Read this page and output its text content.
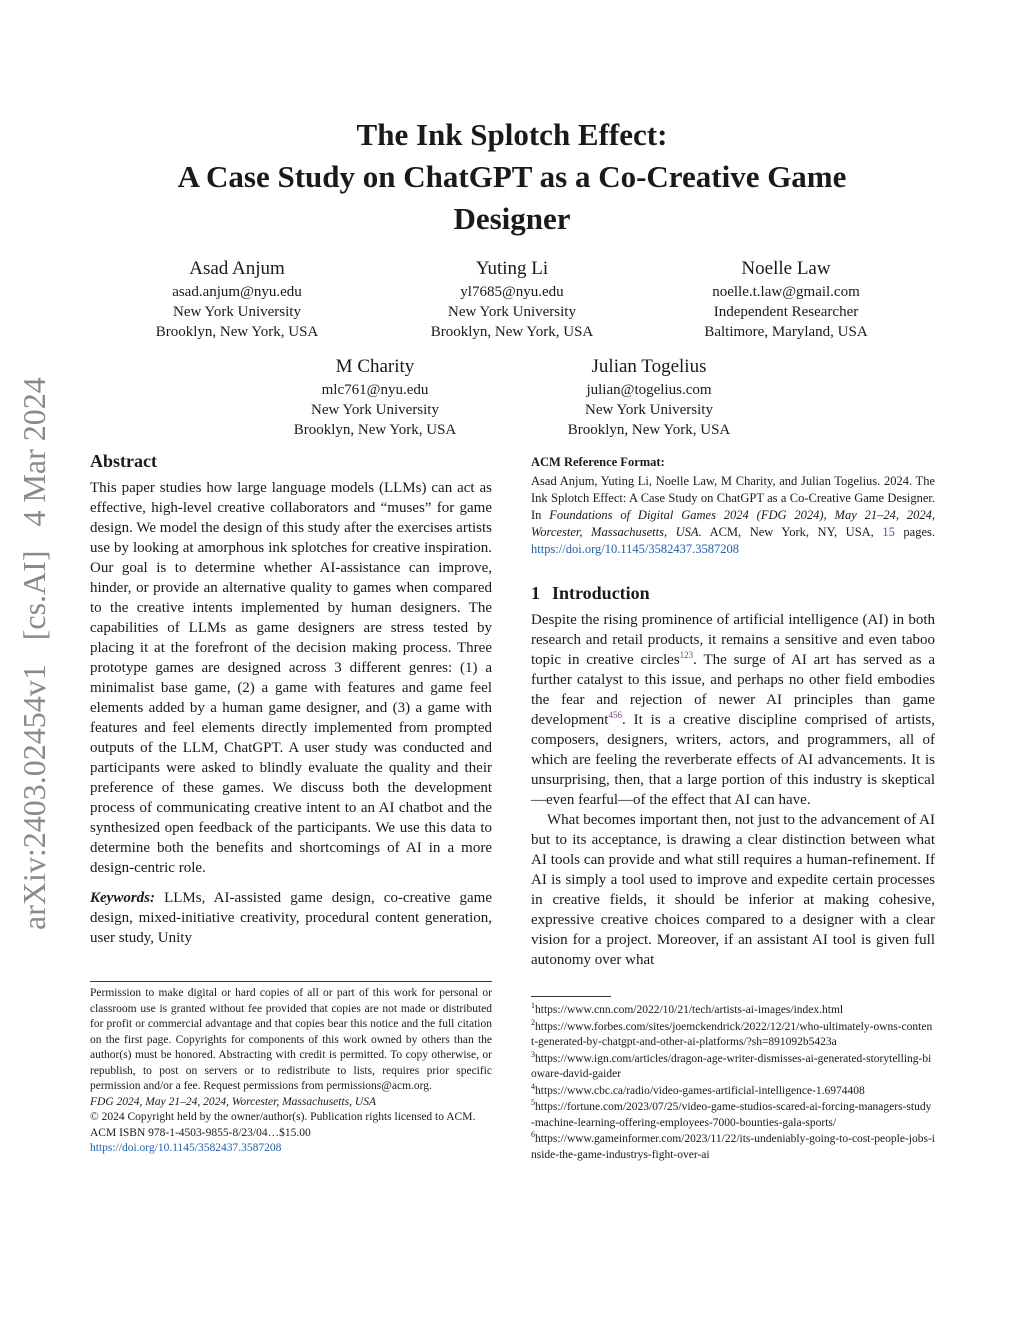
arXiv:2403.02454v1 [cs.AI] 4 Mar 2024
The Ink Splotch Effect:
A Case Study on ChatGPT as a Co-Creative Game
Designer
Asad Anjum
asad.anjum@nyu.edu
New York University
Brooklyn, New York, USA
Yuting Li
yl7685@nyu.edu
New York University
Brooklyn, New York, USA
Noelle Law
noelle.t.law@gmail.com
Independent Researcher
Baltimore, Maryland, USA
M Charity
mlc761@nyu.edu
New York University
Brooklyn, New York, USA
Julian Togelius
julian@togelius.com
New York University
Brooklyn, New York, USA
Abstract

This paper studies how large language models (LLMs) can act as effective, high-level creative collaborators and “muses” for game design. We model the design of this study after the exercises artists use by looking at amorphous ink splotches for creative inspiration. Our goal is to determine whether AI-assistance can improve, hinder, or provide an alternative quality to games when compared to the creative intents implemented by human designers. The capabilities of LLMs as game designers are stress tested by placing it at the forefront of the decision making process. Three prototype games are designed across 3 different genres: (1) a minimalist base game, (2) a game with features and game feel elements added by a human game designer, and (3) a game with features and feel elements directly implemented from prompted outputs of the LLM, ChatGPT. A user study was conducted and participants were asked to blindly evaluate the quality and their preference of these games. We discuss both the development process of communicating creative intent to an AI chatbot and the synthesized open feedback of the participants. We use this data to determine both the benefits and shortcomings of AI in a more design-centric role.

Keywords: LLMs, AI-assisted game design, co-creative game design, mixed-initiative creativity, procedural content generation, user study, Unity

Permission to make digital or hard copies of all or part of this work for personal or classroom use is granted without fee provided that copies are not made or distributed for profit or commercial advantage and that copies bear this notice and the full citation on the first page. Copyrights for components of this work owned by others than the author(s) must be honored. Abstracting with credit is permitted. To copy otherwise, or republish, to post on servers or to redistribute to lists, requires prior specific permission and/or a fee. Request permissions from permissions@acm.org.

FDG 2024, May 21–24, 2024, Worcester, Massachusetts, USA

© 2024 Copyright held by the owner/author(s). Publication rights licensed to ACM.

ACM ISBN 978-1-4503-9855-8/23/04…$15.00

https://doi.org/10.1145/3582437.3587208

ACM Reference Format:

Asad Anjum, Yuting Li, Noelle Law, M Charity, and Julian Togelius. 2024. The Ink Splotch Effect: A Case Study on ChatGPT as a Co-Creative Game Designer. In Foundations of Digital Games 2024 (FDG 2024), May 21–24, 2024, Worcester, Massachusetts, USA. ACM, New York, NY, USA, 15 pages. https://doi.org/10.1145/3582437.3587208

1 Introduction

Despite the rising prominence of artificial intelligence (AI) in both research and retail products, it remains a sensitive and even taboo topic in creative circles$^{123}$. The surge of AI art has served as a further catalyst to this issue, and perhaps no other field embodies the fear and rejection of newer AI principles than game development$^{456}$. It is a creative discipline comprised of artists, composers, designers, writers, actors, and programmers, all of which are feeling the reverberate effects of AI advancements. It is unsurprising, then, that a large portion of this industry is skeptical—even fearful—of the effect that AI can have.

What becomes important then, not just to the advancement of AI but to its acceptance, is drawing a clear distinction between what AI tools can provide and what still requires a human-refinement. If AI is simply a tool used to improve and expedite certain processes in creative fields, it should be inferior at making cohesive, expressive creative choices compared to a designer with a clear vision for a project. Moreover, if an assistant AI tool is given full autonomy over what

$^1$https://www.cnn.com/2022/10/21/tech/artists-ai-images/index.html

$^2$https://www.forbes.com/sites/joemckendrick/2022/12/21/who-ultimately-owns-content-generated-by-chatgpt-and-other-ai-platforms/?sh=891092b5423a

$^3$https://www.ign.com/articles/dragon-age-writer-dismisses-ai-generated-storytelling-bioware-david-gaider

$^4$https://www.cbc.ca/radio/video-games-artificial-intelligence-1.6974408

$^5$https://fortune.com/2023/07/25/video-game-studios-scared-ai-forcing-managers-study-machine-learning-offering-employees-7000-bounties-gala-sports/

$^6$https://www.gameinformer.com/2023/11/22/its-undeniably-going-to-cost-people-jobs-inside-the-game-industrys-fight-over-ai
